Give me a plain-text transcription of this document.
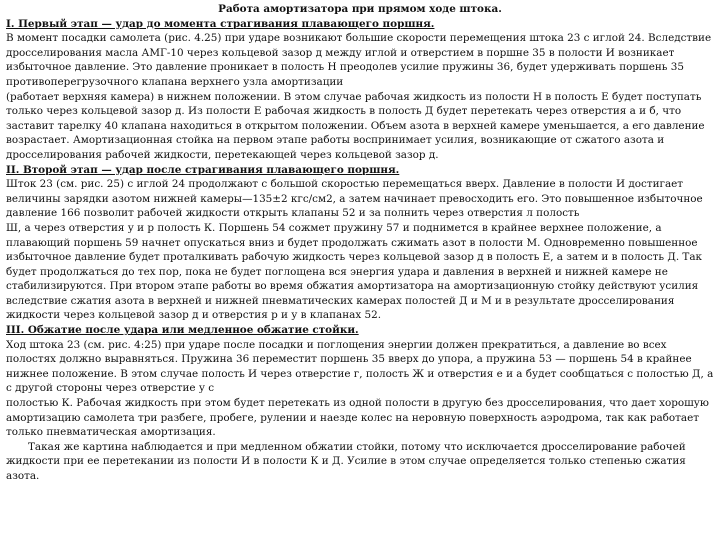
Работа амортизатора при прямом ходе штока.

I. Первый этап — удар до момента страгивания плавающего поршня.

В момент посадки самолета (рис. 4.25) при ударе возникают большие скорости перемещения штока 23 с иглой 24. Вследствие дросселирования масла АМГ-10 через кольцевой зазор д между иглой и отверстием в поршне 35 в полости И возникает избыточное давление. Это давление проникает в полость Н преодолев усилие пружины 36, будет удерживать поршень 35 противоперегрузочного клапана верхнего узла амортизации

(работает верхняя камера) в нижнем положении. В этом случае рабочая жидкость из полости Н в полость Е будет поступать только через кольцевой зазор д. Из полости Е рабочая жидкость в полость Д будет перетекать через отверстия а и б, что заставит тарелку 40 клапана находиться в открытом положении. Объем азота в верхней камере уменьшается, а его давление возрастает. Амортизационная стойка на первом этапе работы воспринимает усилия, возникающие от сжатого азота и дросселирования рабочей жидкости, перетекающей через кольцевой зазор д.

II. Второй этап — удар после страгивания плавающего поршня.

Шток 23 (см. рис. 25) с иглой 24 продолжают с большой скоростью перемещаться вверх. Давление в полости И достигает величины зарядки азотом нижней камеры—135±2 кгс/см2, а затем начинает превосходить его. Это повышенное избыточное давление 166 позволит рабочей жидкости открыть клапаны 52 и за полнить через отверстия л полость

Ш, а через отверстия у и р полость К. Поршень 54 сожмет пружину 57 и поднимется в крайнее верхнее положение, а плавающий поршень 59 начнет опускаться вниз и будет продолжать сжимать азот в полости М. Одновременно повышенное избыточное давление будет проталкивать рабочую жидкость через кольцевой зазор д в полость Е, а затем и в полость Д. Так будет продолжаться до тех пор, пока не будет поглощена вся энергия удара и давления в верхней и нижней камере не стабилизируются. При втором этапе работы во время обжатия амортизатора на амортизационную стойку действуют усилия вследствие сжатия азота в верхней и нижней пневматических камерах полостей Д и М и в результате дросселирования жидкости через кольцевой зазор д и отверстия р и у в клапанах 52.

III. Обжатие после удара или медленное обжатие стойки.

Ход штока 23 (см. рис. 4:25) при ударе после посадки и поглощения энергии должен прекратиться, а давление во всех полостях должно выравняться. Пружина 36 переместит поршень 35 вверх до упора, а пружина 53 — поршень 54 в крайнее нижнее положение. В этом случае полость И через отверстие г, полость Ж и отверстия е и а будет сообщаться с полостью Д, а с другой стороны через отверстие у с

полостью К. Рабочая жидкость при этом будет перетекать из одной полости в другую без дросселирования, что дает хорошую амортизацию самолета три разбеге, пробеге, рулении и наезде колес на неровную поверхность аэродрома, так как работает только пневматическая амортизация.

Такая же картина наблюдается и при медленном обжатии стойки, потому что исключается дросселирование рабочей жидкости при ее перетекании из полости И в полости К и Д. Усилие в этом случае определяется только степенью сжатия азота.
